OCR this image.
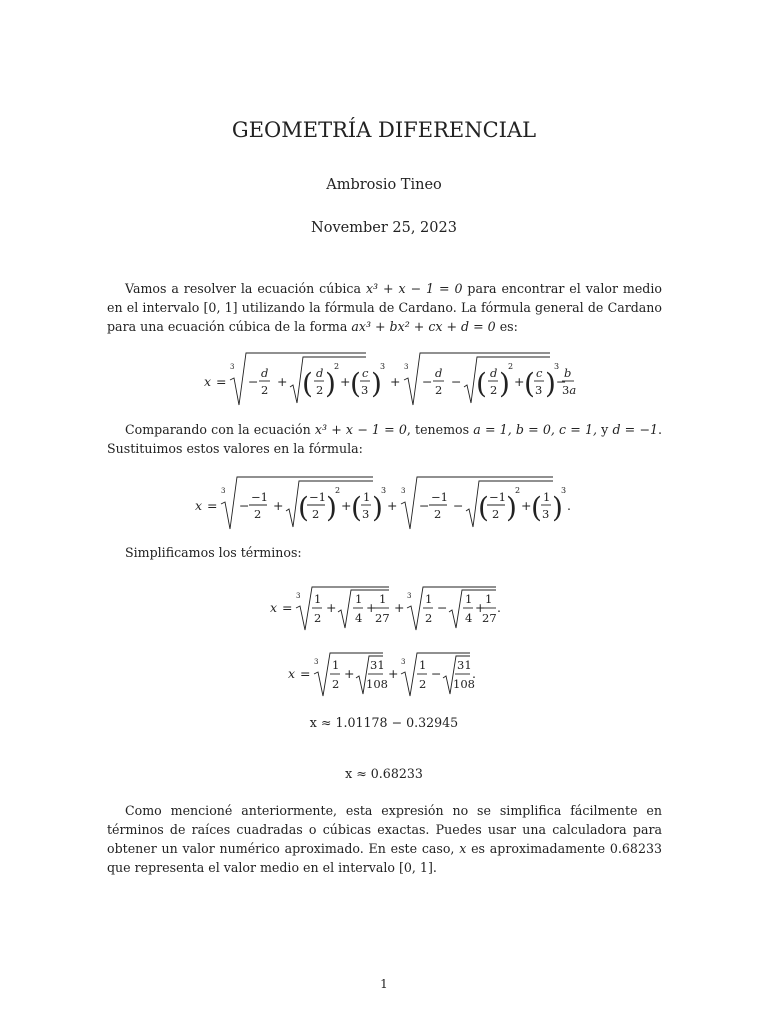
GEOMETRÍA DIFERENCIAL
Ambrosio Tineo
November 25, 2023
Vamos a resolver la ecuación cúbica x³ + x − 1 = 0 para encontrar el valor medio en el intervalo [0, 1] utilizando la fórmula de Cardano. La fórmula general de Cardano para una ecuación cúbica de la forma ax³ + bx² + cx + d = 0 es:
x =
3
−
d
2
+ ( d
2 )
2
+ ( c
3 )
3
+
3
−
d
2
− ( d
2 )
2
+ ( c
3 )
3
−
b
3a
Comparando con la ecuación x³ + x − 1 = 0, tenemos a = 1, b = 0, c = 1, y d = −1. Sustituimos estos valores en la fórmula:
x =
3
−
−1
2
+ ( −1
2 )
2
+ ( 1
3 )
3
+
3
−
−1
2
− ( −1
2 )
2
+ ( 1
3 )
3
.
Simplificamos los términos:
x =
3 1
2
+
1
4
+
1
27
+
3 1
2
−
1
4
+
1
27
.
x =
3 1
2
+
31
108
+
3 1
2
−
31
108
.
x ≈ 1.01178 − 0.32945
x ≈ 0.68233
Como mencioné anteriormente, esta expresión no se simplifica fácilmente en términos de raíces cuadradas o cúbicas exactas. Puedes usar una calculadora para obtener un valor numérico aproximado. En este caso, x es aproximadamente 0.68233 que representa el valor medio en el intervalo [0, 1].
1
